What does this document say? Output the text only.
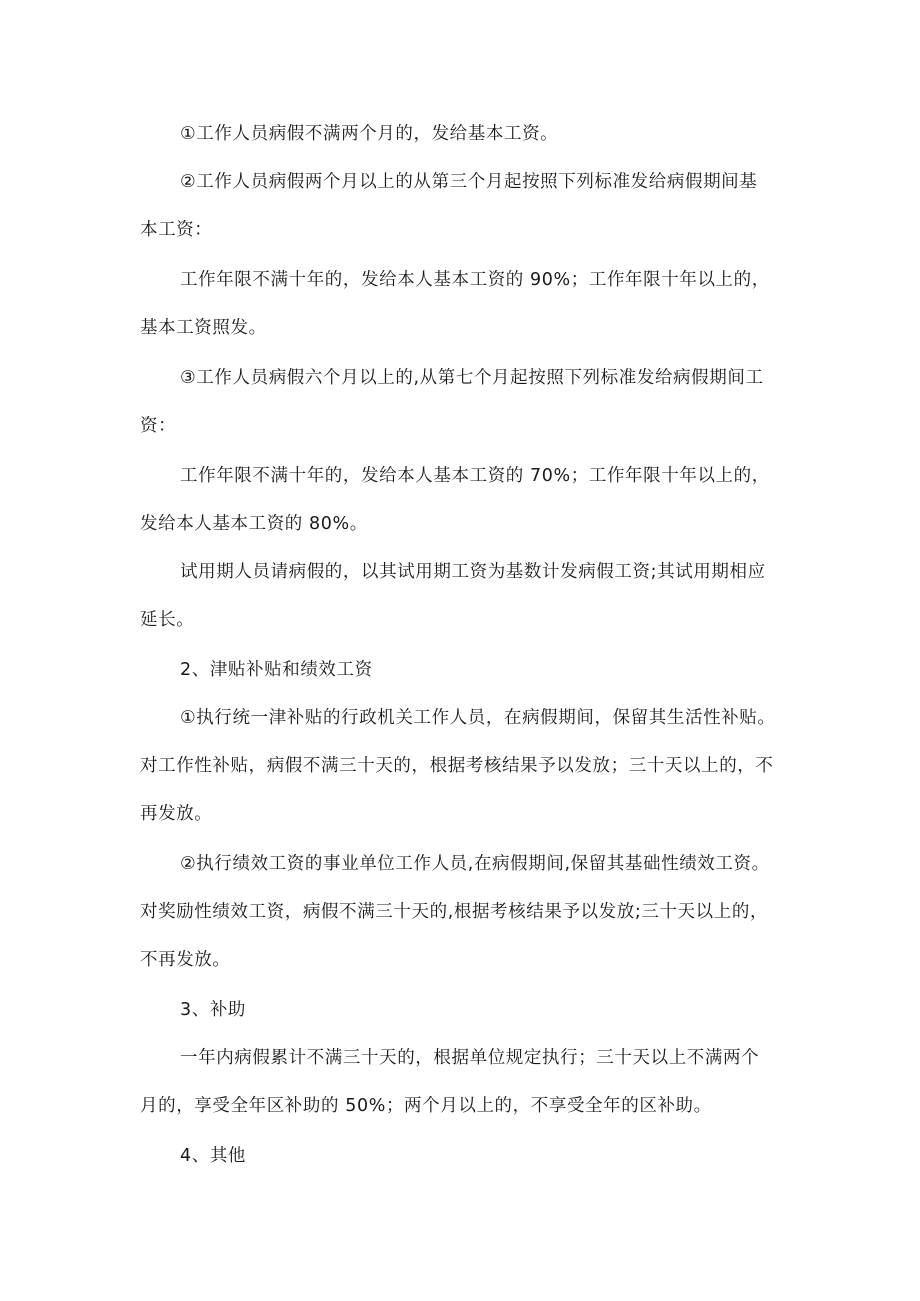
①工作人员病假不满两个月的，发给基本工资。
②工作人员病假两个月以上的从第三个月起按照下列标准发给病假期间基
本工资：
工作年限不满十年的，发给本人基本工资的 90%；工作年限十年以上的，
基本工资照发。
③工作人员病假六个月以上的,从第七个月起按照下列标准发给病假期间工
资：
工作年限不满十年的，发给本人基本工资的 70%；工作年限十年以上的，
发给本人基本工资的 80%。
试用期人员请病假的，以其试用期工资为基数计发病假工资;其试用期相应
延长。
2、津贴补贴和绩效工资
①执行统一津补贴的行政机关工作人员，在病假期间，保留其生活性补贴。
对工作性补贴，病假不满三十天的，根据考核结果予以发放；三十天以上的，不
再发放。
②执行绩效工资的事业单位工作人员,在病假期间,保留其基础性绩效工资。
对奖励性绩效工资，病假不满三十天的,根据考核结果予以发放;三十天以上的，
不再发放。
3、补助
一年内病假累计不满三十天的，根据单位规定执行；三十天以上不满两个
月的，享受全年区补助的 50%；两个月以上的，不享受全年的区补助。
4、其他
